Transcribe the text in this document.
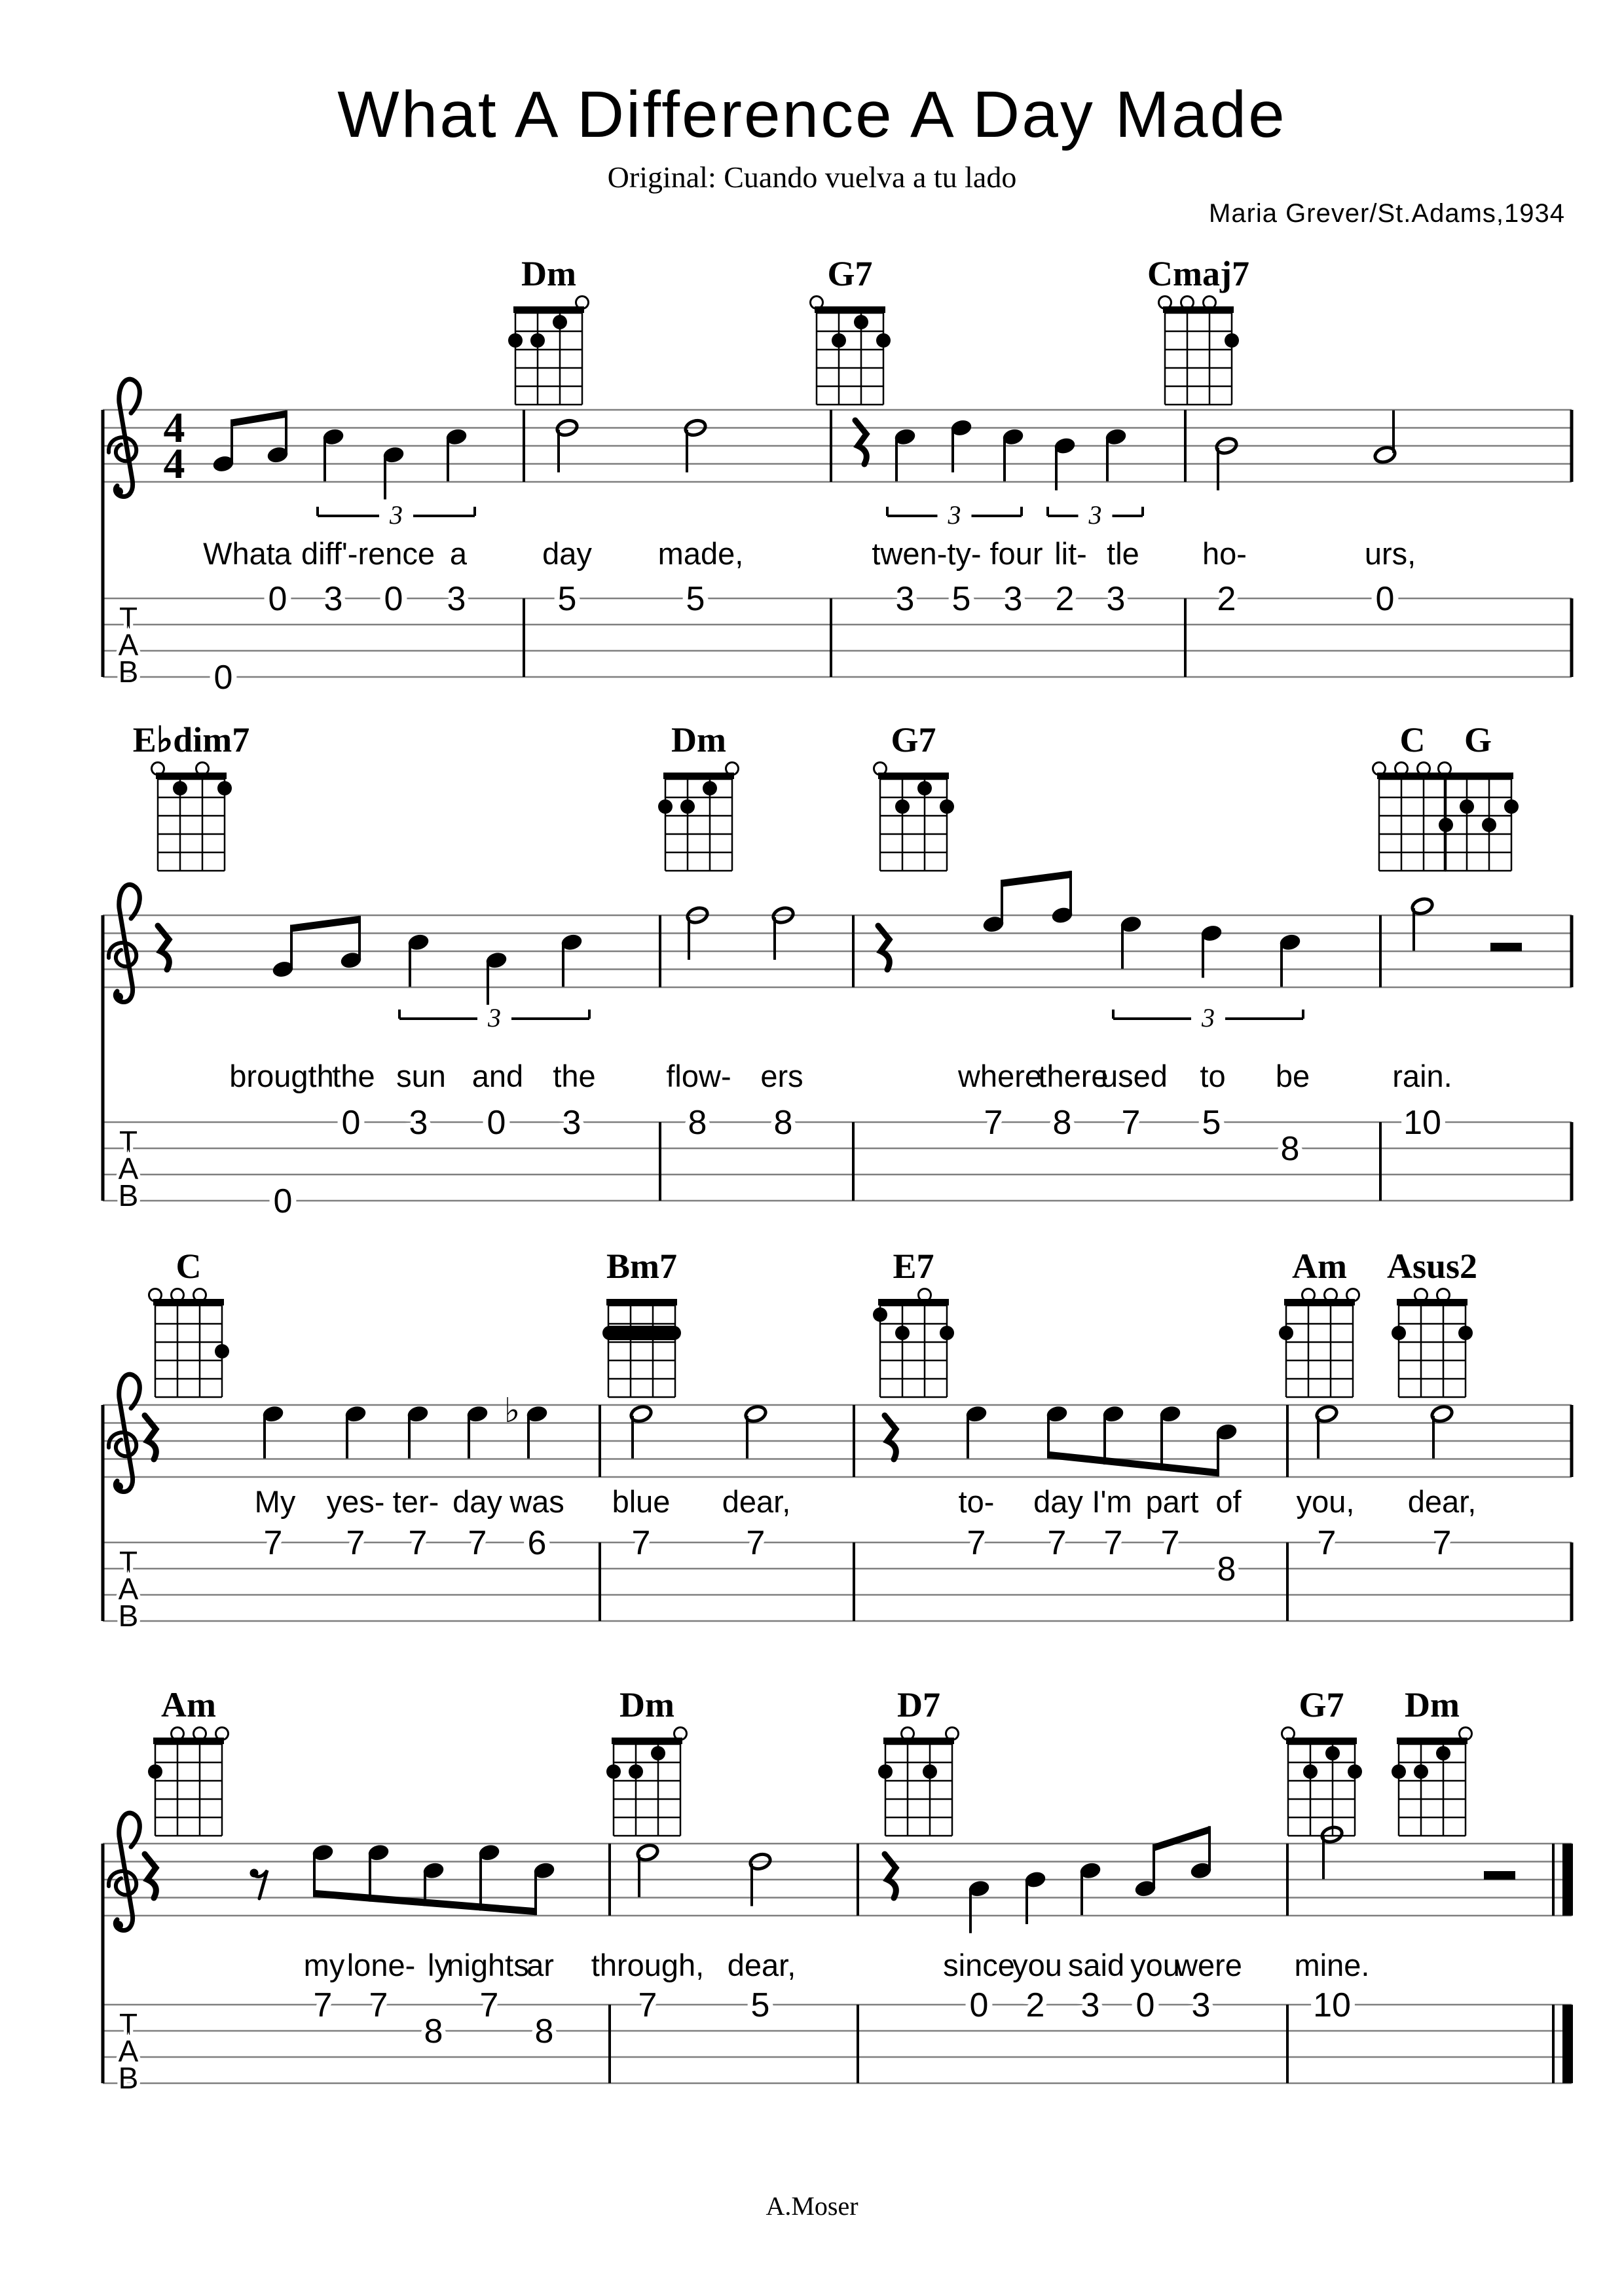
What A Difference A Day Made
Original: Cuando vuelva a tu lado
Maria Grever/St.Adams,1934
4
4
Dm	G7	Cmaj7
3	3	3
What a diff'-rence a day made,	twen-ty- four lit- tle ho-	urs,
T
A
B
0 3 0 3	5	5	3 5 3 2 3	2	0
0
E♭dim7	Dm	G7	C G
3	3
brougth
the sun and the flow- ers	where
there
used to be	rain.
T
A
B
0 3 0 3	8 8	7 8 7 5	10
0
8
C	Bm7	E7	Am Asus2
♭
My yes- ter- day was blue dear,	to- day I'm part of you, dear,
T
A
B
7 7 7 7 6	7	7	7 7 7 7	7	7
8
Am	Dm	D7	G7 Dm
my lone- ly
nights
ar through, dear,	since
you said you
were mine.
T
A
B
7 7	7	7	5	0 2 3 0 3	10
8	8
A.Moser
